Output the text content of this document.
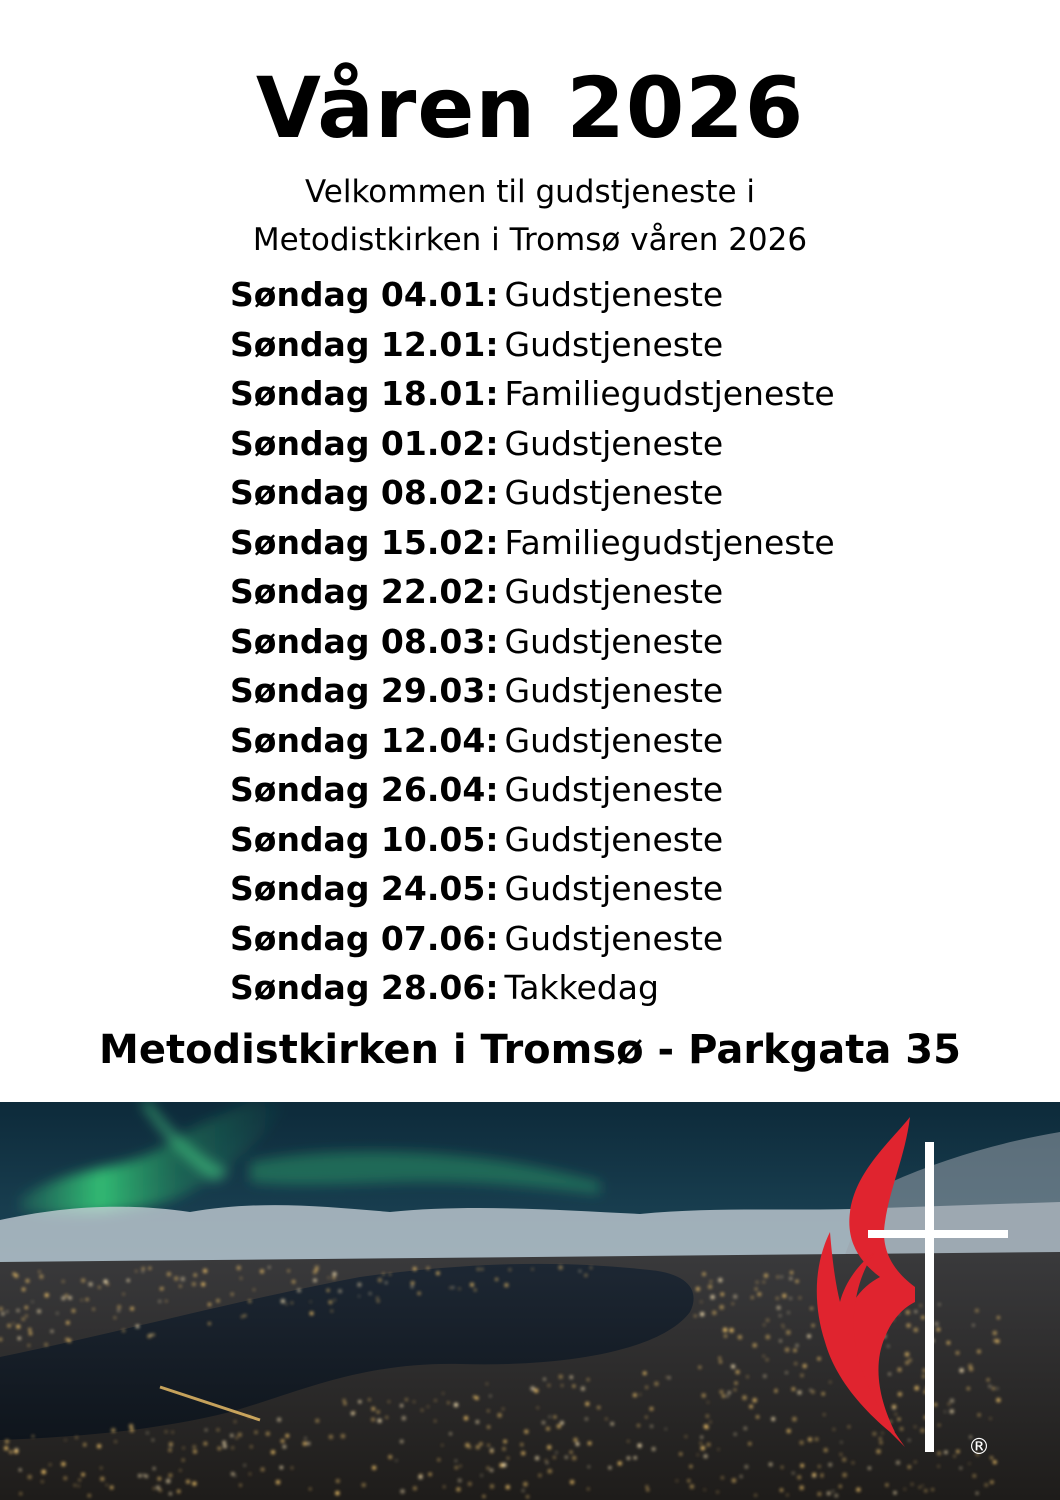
Våren 2026
Velkommen til gudstjeneste i
Metodistkirken i Tromsø våren 2026
Søndag 04.01: Gudstjeneste
Søndag 12.01: Gudstjeneste
Søndag 18.01: Familiegudstjeneste
Søndag 01.02: Gudstjeneste
Søndag 08.02: Gudstjeneste
Søndag 15.02: Familiegudstjeneste
Søndag 22.02: Gudstjeneste
Søndag 08.03: Gudstjeneste
Søndag 29.03: Gudstjeneste
Søndag 12.04: Gudstjeneste
Søndag 26.04: Gudstjeneste
Søndag 10.05: Gudstjeneste
Søndag 24.05: Gudstjeneste
Søndag 07.06: Gudstjeneste
Søndag 28.06: Takkedag
Metodistkirken i Tromsø - Parkgata 35
®
